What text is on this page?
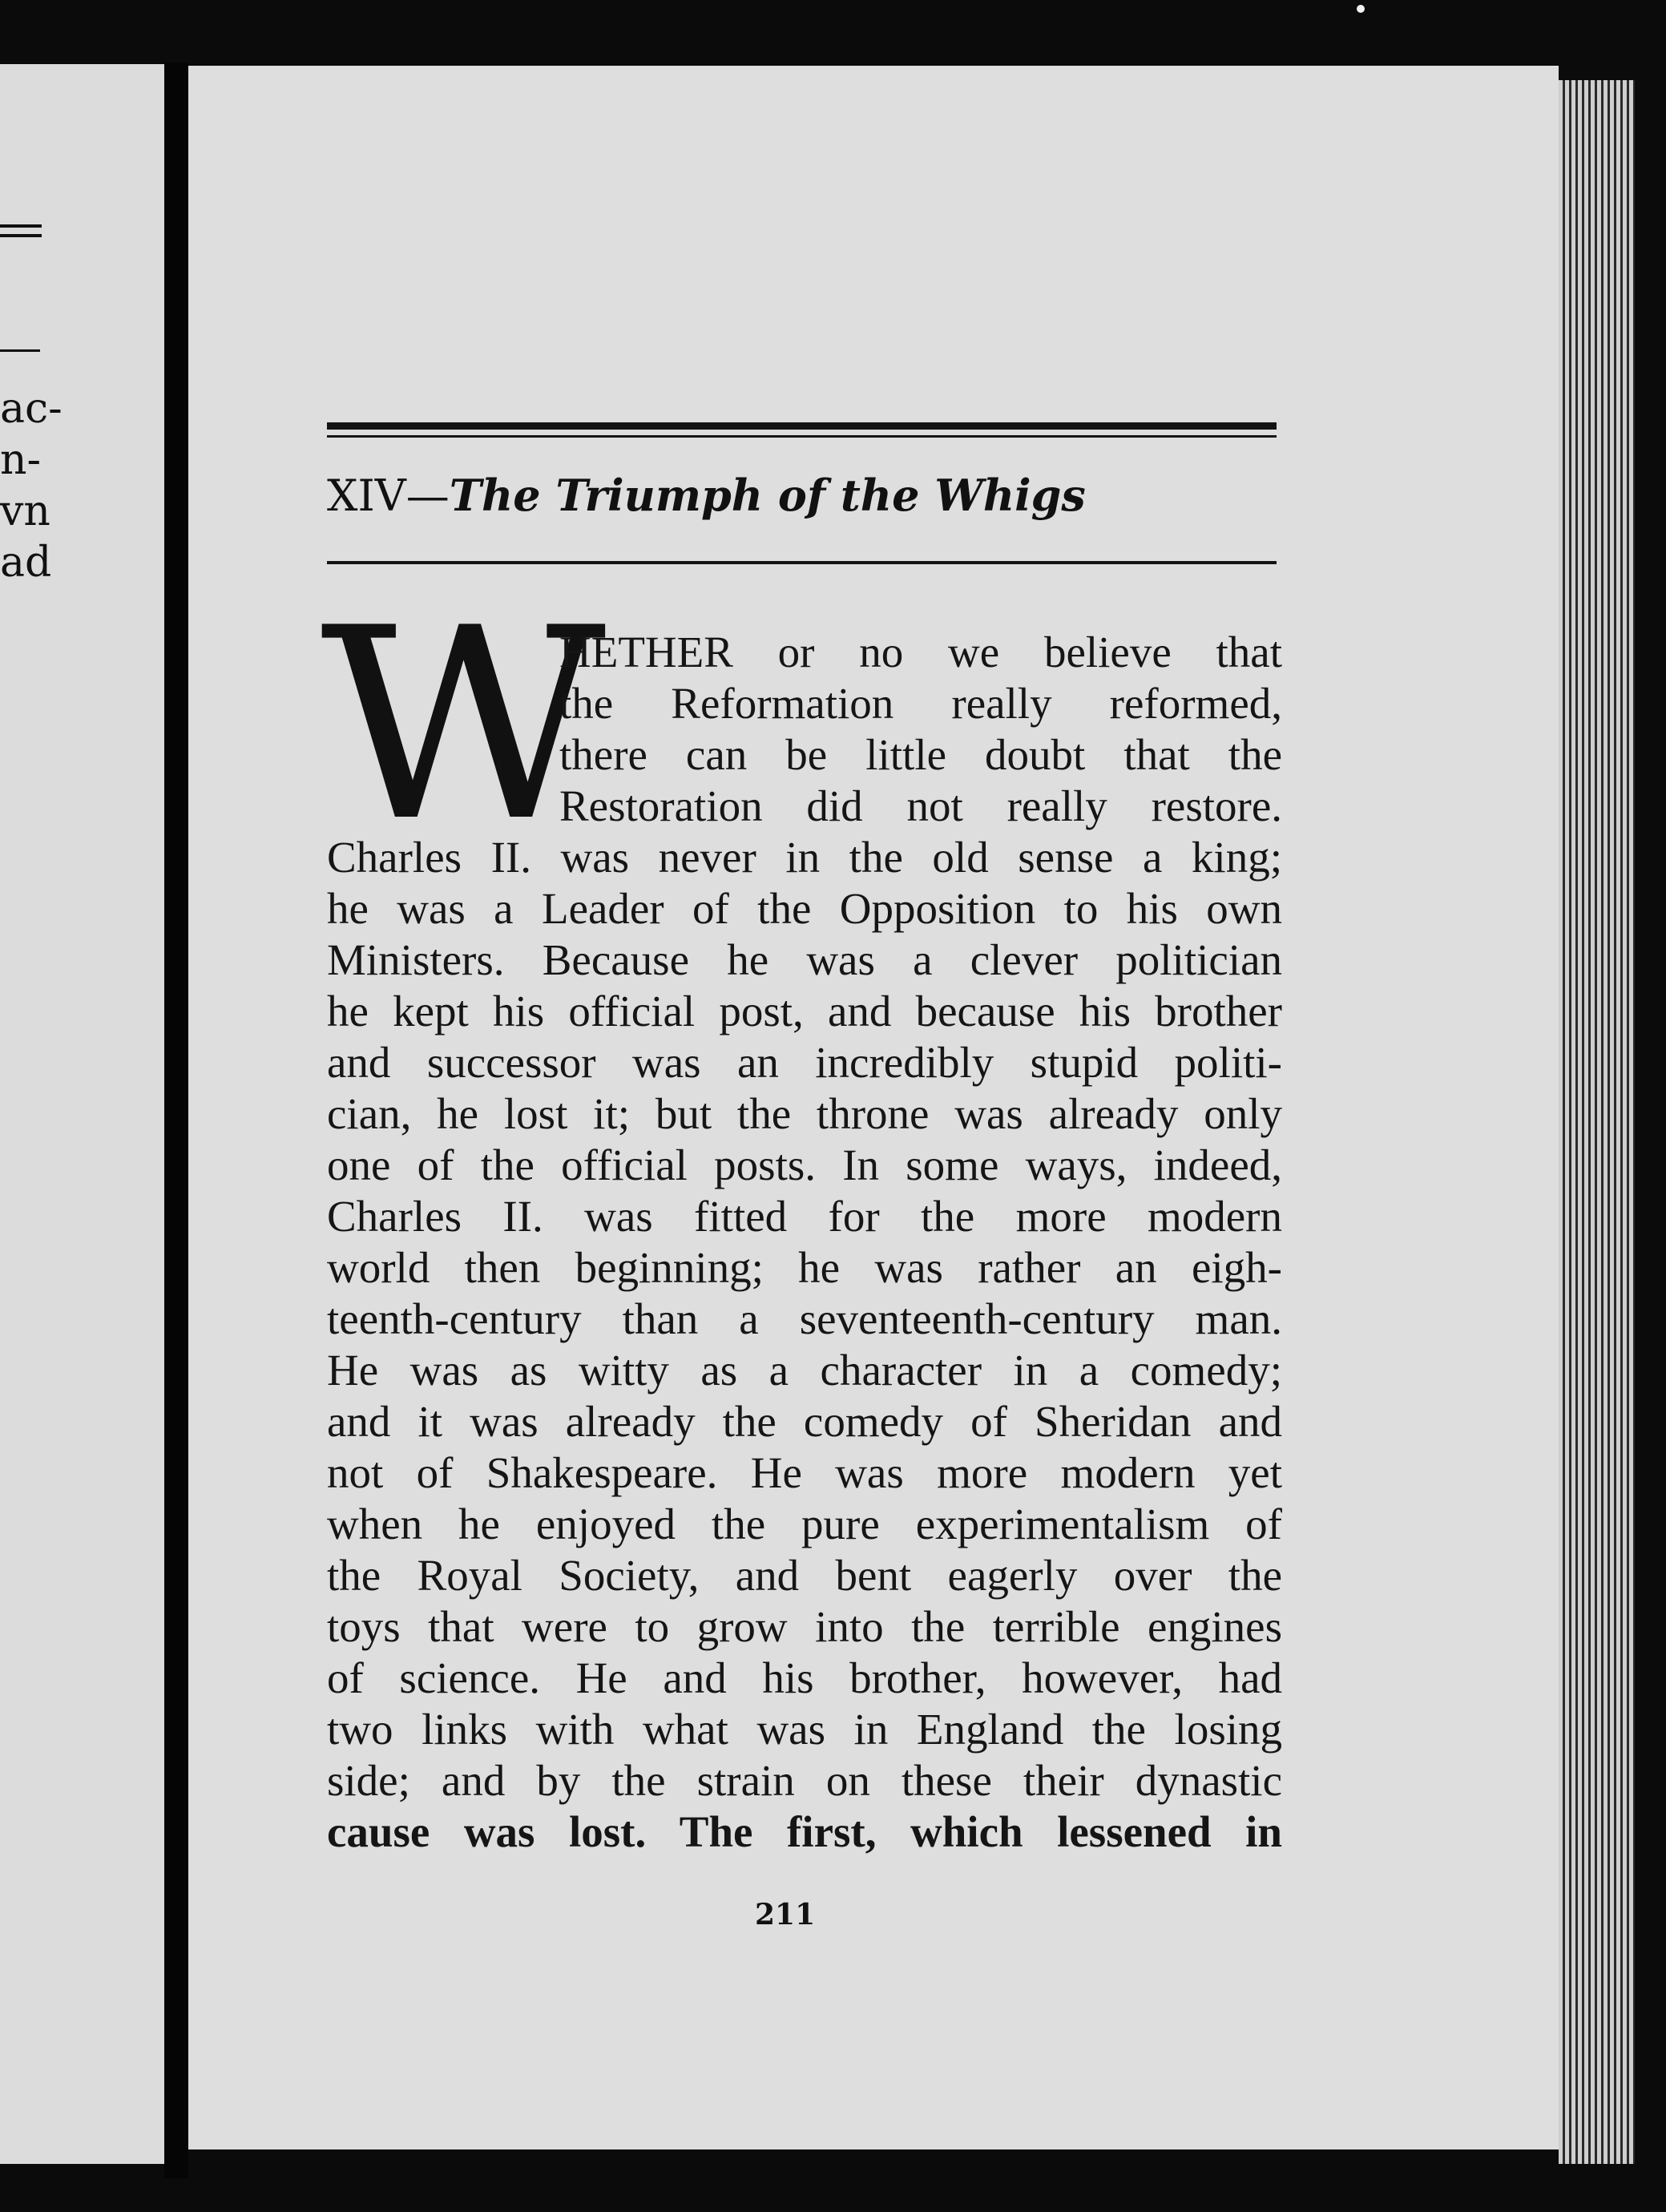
ac-
n-
vn
ad
XIV—The Triumph of the Whigs
W
HETHER or no we believe that
the Reformation really reformed,
there can be little doubt that the
Restoration did not really restore.
Charles II. was never in the old sense a king;
he was a Leader of the Opposition to his own
Ministers. Because he was a clever politician
he kept his official post, and because his brother
and successor was an incredibly stupid politi-
cian, he lost it; but the throne was already only
one of the official posts. In some ways, indeed,
Charles II. was fitted for the more modern
world then beginning; he was rather an eigh-
teenth-century than a seventeenth-century man.
He was as witty as a character in a comedy;
and it was already the comedy of Sheridan and
not of Shakespeare. He was more modern yet
when he enjoyed the pure experimentalism of
the Royal Society, and bent eagerly over the
toys that were to grow into the terrible engines
of science. He and his brother, however, had
two links with what was in England the losing
side; and by the strain on these their dynastic
cause was lost. The first, which lessened in
211
